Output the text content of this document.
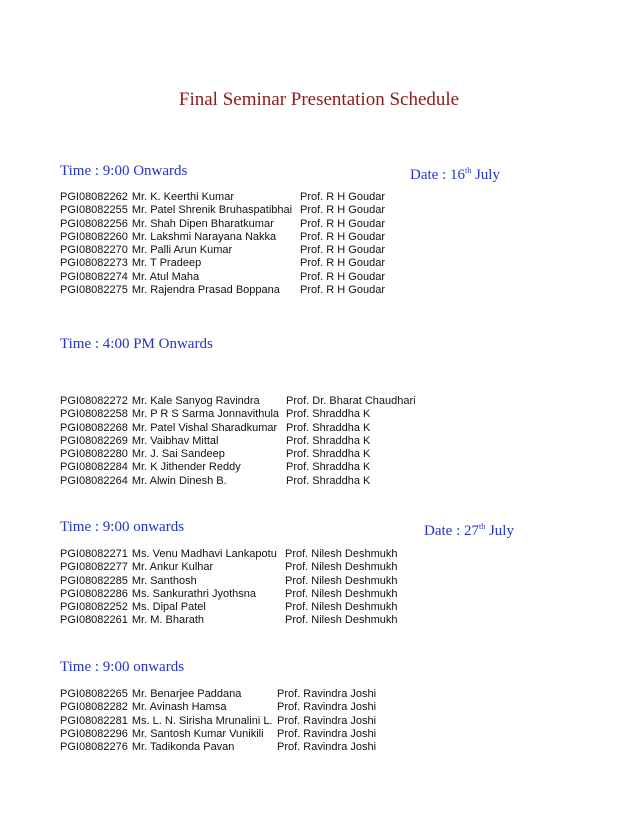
Final Seminar Presentation Schedule
Time : 9:00 Onwards	Date : 16th July
PGI08082262 Mr. K. Keerthi Kumar	Prof. R H Goudar
PGI08082255 Mr. Patel Shrenik Bruhaspatibhai Prof. R H Goudar
PGI08082256 Mr. Shah Dipen Bharatkumar	Prof. R H Goudar
PGI08082260 Mr. Lakshmi Narayana Nakka	Prof. R H Goudar
PGI08082270 Mr. Palli Arun Kumar	Prof. R H Goudar
PGI08082273 Mr. T Pradeep	Prof. R H Goudar
PGI08082274 Mr. Atul Maha	Prof. R H Goudar
PGI08082275 Mr. Rajendra Prasad Boppana	Prof. R H Goudar
Time : 4:00 PM Onwards
PGI08082272 Mr. Kale Sanyog Ravindra	Prof. Dr. Bharat Chaudhari
PGI08082258 Mr. P R S Sarma Jonnavithula Prof. Shraddha K
PGI08082268 Mr. Patel Vishal Sharadkumar Prof. Shraddha K
PGI08082269 Mr. Vaibhav Mittal	Prof. Shraddha K
PGI08082280 Mr. J. Sai Sandeep	Prof. Shraddha K
PGI08082284 Mr. K Jithender Reddy	Prof. Shraddha K
PGI08082264 Mr. Alwin Dinesh B.	Prof. Shraddha K
Time : 9:00 onwards	Date : 27th July
PGI08082271 Ms. Venu Madhavi Lankapotu Prof. Nilesh Deshmukh
PGI08082277 Mr. Ankur Kulhar	Prof. Nilesh Deshmukh
PGI08082285 Mr. Santhosh	Prof. Nilesh Deshmukh
PGI08082286 Ms. Sankurathri Jyothsna	Prof. Nilesh Deshmukh
PGI08082252 Ms. Dipal Patel	Prof. Nilesh Deshmukh
PGI08082261 Mr. M. Bharath	Prof. Nilesh Deshmukh
Time : 9:00 onwards
PGI08082265 Mr. Benarjee Paddana	Prof. Ravindra Joshi
PGI08082282 Mr. Avinash Hamsa	Prof. Ravindra Joshi
PGI08082281 Ms. L. N. Sirisha Mrunalini L. Prof. Ravindra Joshi
PGI08082296 Mr. Santosh Kumar Vunikili	Prof. Ravindra Joshi
PGI08082276 Mr. Tadikonda Pavan	Prof. Ravindra Joshi
